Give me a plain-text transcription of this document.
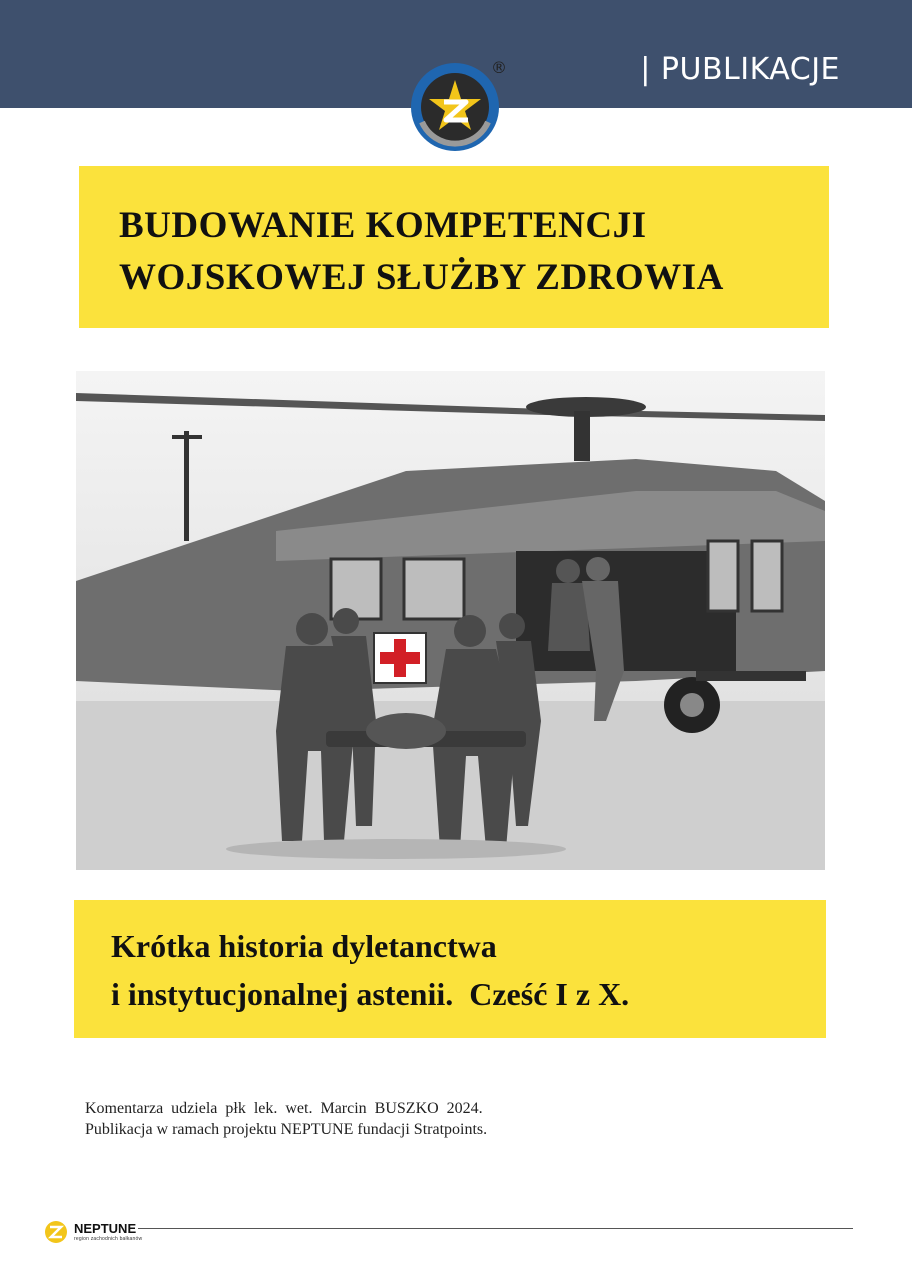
| PUBLIKACJE
®
BUDOWANIE KOMPETENCJI
WOJSKOWEJ SŁUŻBY ZDROWIA
Krótka historia dyletanctwa
i instytucjonalnej astenii.  Cześć I z X.
Komentarza udziela płk lek. wet. Marcin BUSZKO 2024.
Publikacja w ramach projektu NEPTUNE fundacji Stratpoints.
NEPTUNE
region zachodnich bałkanów
